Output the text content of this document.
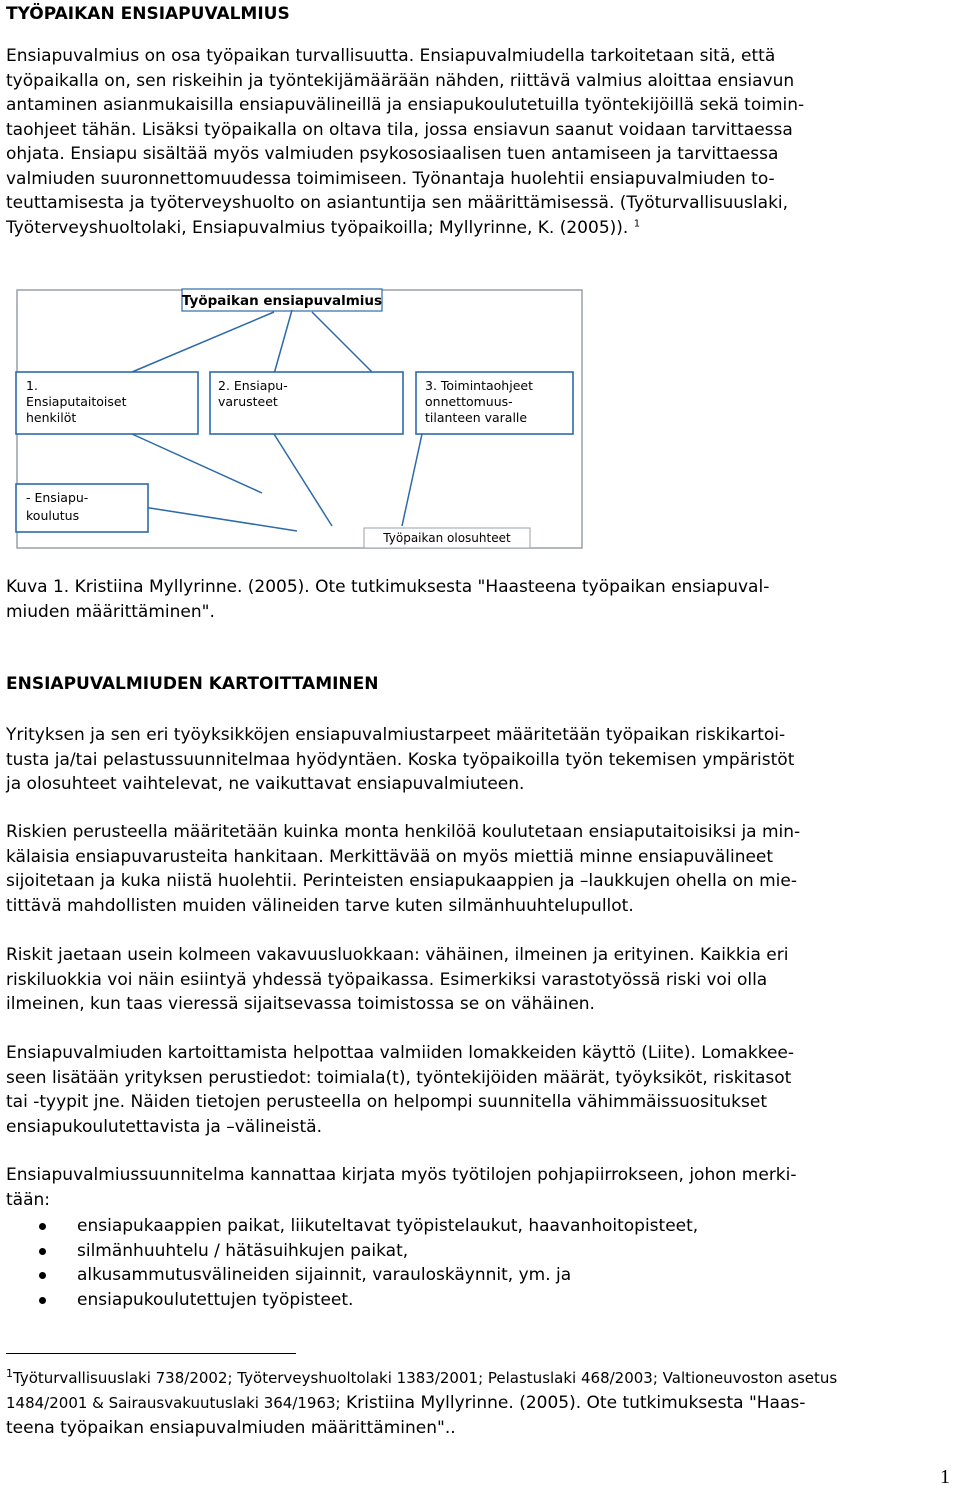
TYÖPAIKAN ENSIAPUVALMIUS
Ensiapuvalmius on osa työpaikan turvallisuutta. Ensiapuvalmiudella tarkoitetaan sitä, että
työpaikalla on, sen riskeihin ja työntekijämäärään nähden, riittävä valmius aloittaa ensiavun
antaminen asianmukaisilla ensiapuvälineillä ja ensiapukoulutetuilla työntekijöillä sekä toimin-
taohjeet tähän. Lisäksi työpaikalla on oltava tila, jossa ensiavun saanut voidaan tarvittaessa
ohjata. Ensiapu sisältää myös valmiuden psykososiaalisen tuen antamiseen ja tarvittaessa
valmiuden suuronnettomuudessa toimimiseen. Työnantaja huolehtii ensiapuvalmiuden to-
teuttamisesta ja työterveyshuolto on asiantuntija sen määrittämisessä. (Työturvallisuuslaki,
Työterveyshuoltolaki, Ensiapuvalmius työpaikoilla; Myllyrinne, K. (2005)). $^1$
Työpaikan ensiapuvalmius
1.
Ensiaputaitoiset
henkilöt
2. Ensiapu-
varusteet
3. Toimintaohjeet
onnettomuus-
tilanteen varalle
- Ensiapu-
koulutus
Työpaikan olosuhteet
Kuva 1. Kristiina Myllyrinne. (2005). Ote tutkimuksesta "Haasteena työpaikan ensiapuval-
miuden määrittäminen".
ENSIAPUVALMIUDEN KARTOITTAMINEN
Yrityksen ja sen eri työyksikköjen ensiapuvalmiustarpeet määritetään työpaikan riskikartoi-
tusta ja/tai pelastussuunnitelmaa hyödyntäen. Koska työpaikoilla työn tekemisen ympäristöt
ja olosuhteet vaihtelevat, ne vaikuttavat ensiapuvalmiuteen.
Riskien perusteella määritetään kuinka monta henkilöä koulutetaan ensiaputaitoisiksi ja min-
kälaisia ensiapuvarusteita hankitaan. Merkittävää on myös miettiä minne ensiapuvälineet
sijoitetaan ja kuka niistä huolehtii. Perinteisten ensiapukaappien ja –laukkujen ohella on mie-
tittävä mahdollisten muiden välineiden tarve kuten silmänhuuhtelupullot.
Riskit jaetaan usein kolmeen vakavuusluokkaan: vähäinen, ilmeinen ja erityinen. Kaikkia eri
riskiluokkia voi näin esiintyä yhdessä työpaikassa. Esimerkiksi varastotyössä riski voi olla
ilmeinen, kun taas vieressä sijaitsevassa toimistossa se on vähäinen.
Ensiapuvalmiuden kartoittamista helpottaa valmiiden lomakkeiden käyttö (Liite). Lomakkee-
seen lisätään yrityksen perustiedot: toimiala(t), työntekijöiden määrät, työyksiköt, riskitasot
tai -tyypit jne. Näiden tietojen perusteella on helpompi suunnitella vähimmäissuositukset
ensiapukoulutettavista ja –välineistä.
Ensiapuvalmiussuunnitelma kannattaa kirjata myös työtilojen pohjapiirrokseen, johon merki-
tään:
ensiapukaappien paikat, liikuteltavat työpistelaukut, haavanhoitopisteet,
silmänhuuhtelu / hätäsuihkujen paikat,
alkusammutusvälineiden sijainnit, varauloskäynnit, ym. ja
ensiapukoulutettujen työpisteet.
$^1$Työturvallisuuslaki 738/2002; Työterveyshuoltolaki 1383/2001; Pelastuslaki 468/2003; Valtioneuvoston asetus
1484/2001 & Sairausvakuutuslaki 364/1963; Kristiina Myllyrinne. (2005). Ote tutkimuksesta "Haas-
teena työpaikan ensiapuvalmiuden määrittäminen"..
1
